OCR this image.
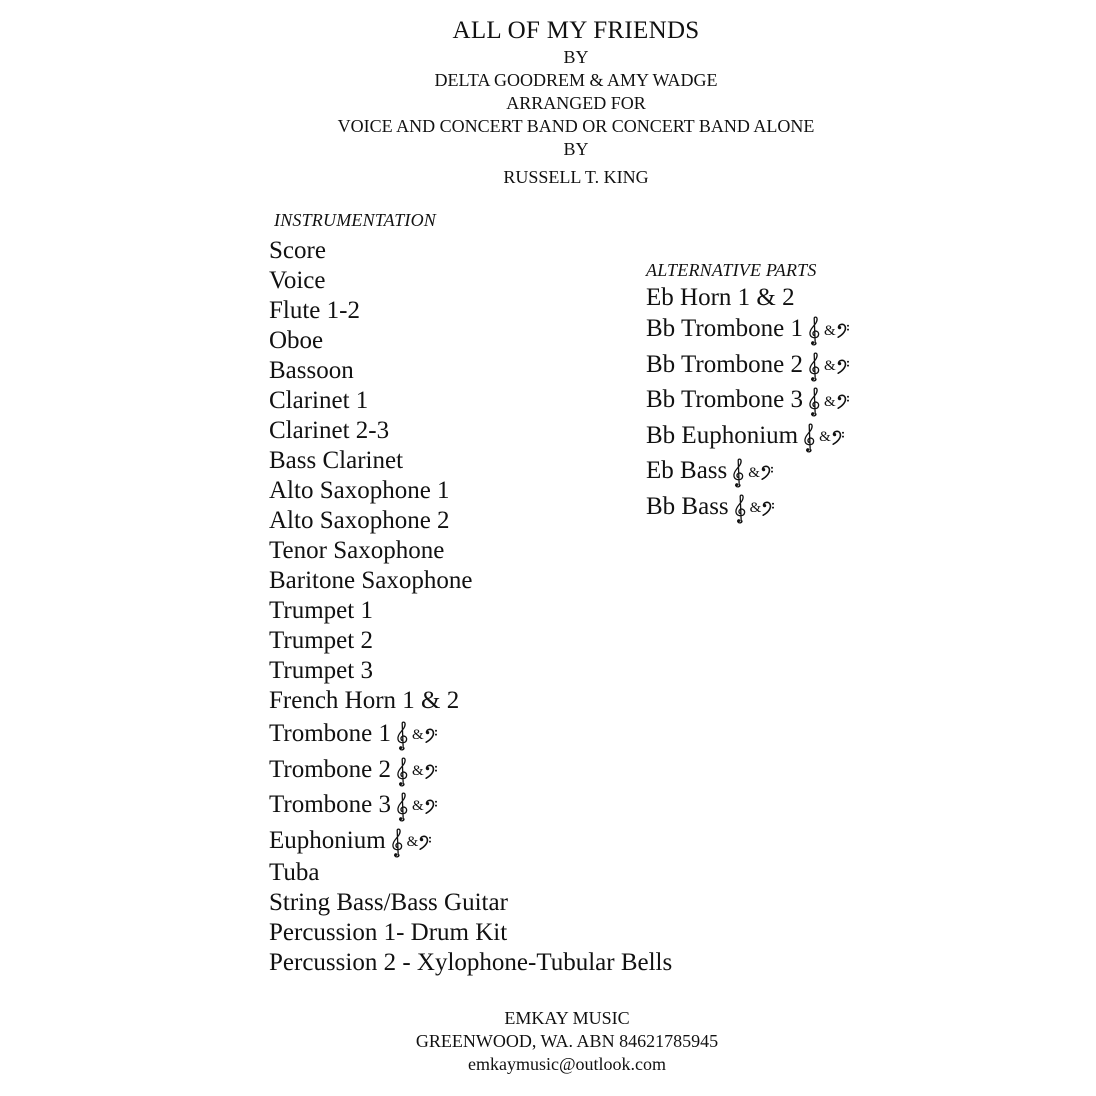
ALL OF MY FRIENDS
BY
DELTA GOODREM & AMY WADGE
ARRANGED FOR
VOICE AND CONCERT BAND OR CONCERT BAND ALONE
BY
RUSSELL T. KING
INSTRUMENTATION
Score
Voice
Flute 1-2
Oboe
Bassoon
Clarinet 1
Clarinet 2-3
Bass Clarinet
Alto Saxophone 1
Alto Saxophone 2
Tenor Saxophone
Baritone Saxophone
Trumpet 1
Trumpet 2
Trumpet 3
French Horn 1 & 2
Trombone 1 &
Trombone 2 &
Trombone 3 &
Euphonium &
Tuba
String Bass/Bass Guitar
Percussion 1- Drum Kit
Percussion 2 - Xylophone-Tubular Bells
ALTERNATIVE PARTS
Eb Horn 1 & 2
Bb Trombone 1 &
Bb Trombone 2 &
Bb Trombone 3 &
Bb Euphonium &
Eb Bass &
Bb Bass &
EMKAY MUSIC
GREENWOOD, WA. ABN 84621785945
emkaymusic@outlook.com
